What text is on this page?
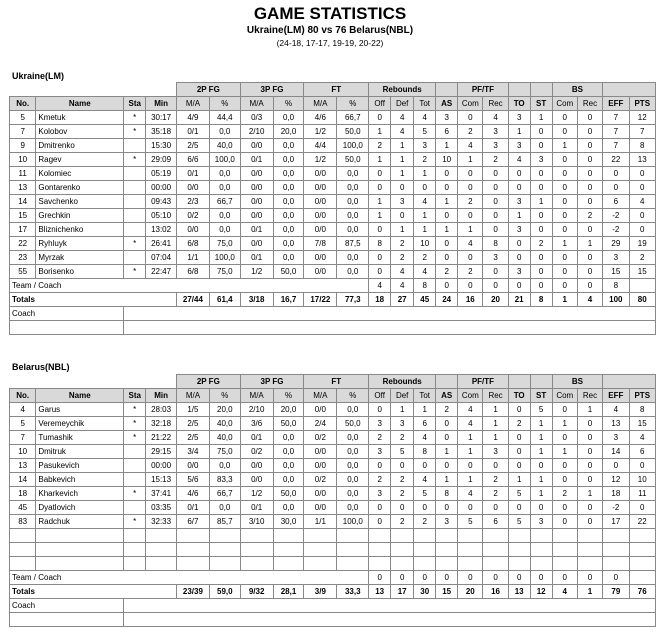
GAME STATISTICS
Ukraine(LM) 80 vs 76 Belarus(NBL)
(24-18, 17-17, 19-19, 20-22)
Ukraine(LM)
				2P FG		3P FG		FT		Rebounds				PF/TF				BS			
No.	Name	Sta	Min	M/A	%	M/A	%	M/A	%	Off	Def	Tot	AS	Com	Rec	TO	ST	Com	Rec	EFF	PTS
5	Kmetuk	*	30:17	4/9	44,4	0/3	0,0	4/6	66,7	0	4	4	3	0	4	3	1	0	0	7	12
7	Kolobov	*	35:18	0/1	0,0	2/10	20,0	1/2	50,0	1	4	5	6	2	3	1	0	0	0	7	7
9	Dmitrenko		15:30	2/5	40,0	0/0	0,0	4/4	100,0	2	1	3	1	4	3	3	0	1	0	7	8
10	Ragev	*	29:09	6/6	100,0	0/1	0,0	1/2	50,0	1	1	2	10	1	2	4	3	0	0	22	13
11	Kolomiec		05:19	0/1	0,0	0/0	0,0	0/0	0,0	0	1	1	0	0	0	0	0	0	0	0	0
13	Gontarenko		00:00	0/0	0,0	0/0	0,0	0/0	0,0	0	0	0	0	0	0	0	0	0	0	0	0
14	Savchenko		09:43	2/3	66,7	0/0	0,0	0/0	0,0	1	3	4	1	2	0	3	1	0	0	6	4
15	Grechkin		05:10	0/2	0,0	0/0	0,0	0/0	0,0	1	0	1	0	0	0	1	0	0	2	-2	0
17	Bliznichenko		13:02	0/0	0,0	0/1	0,0	0/0	0,0	0	1	1	1	1	0	3	0	0	0	-2	0
22	Ryhluyk	*	26:41	6/8	75,0	0/0	0,0	7/8	87,5	8	2	10	0	4	8	0	2	1	1	29	19
23	Myrzak		07:04	1/1	100,0	0/1	0,0	0/0	0,0	0	2	2	0	0	3	0	0	0	0	3	2
55	Borisenko	*	22:47	6/8	75,0	1/2	50,0	0/0	0,0	0	4	4	2	2	0	3	0	0	0	15	15
Team / Coach										4	4	8	0	0	0	0	0	0	0	8	
Totals				27/44	61,4	3/18	16,7	17/22	77,3	18	27	45	24	16	20	21	8	1	4	100	80
Coach																					

Belarus(NBL)
				2P FG		3P FG		FT		Rebounds				PF/TF				BS			
No.	Name	Sta	Min	M/A	%	M/A	%	M/A	%	Off	Def	Tot	AS	Com	Rec	TO	ST	Com	Rec	EFF	PTS
4	Garus	*	28:03	1/5	20,0	2/10	20,0	0/0	0,0	0	1	1	2	4	1	0	5	0	1	4	8
5	Veremeychik	*	32:18	2/5	40,0	3/6	50,0	2/4	50,0	3	3	6	0	4	1	2	1	1	0	13	15
7	Tumashik	*	21:22	2/5	40,0	0/1	0,0	0/2	0,0	2	2	4	0	1	1	0	1	0	0	3	4
10	Dmitruk		29:15	3/4	75,0	0/2	0,0	0/0	0,0	3	5	8	1	1	3	0	1	1	0	14	6
13	Pasukevich		00:00	0/0	0,0	0/0	0,0	0/0	0,0	0	0	0	0	0	0	0	0	0	0	0	0
14	Babkevich		15:13	5/6	83,3	0/0	0,0	0/2	0,0	2	2	4	1	1	2	1	1	0	0	12	10
18	Kharkevich	*	37:41	4/6	66,7	1/2	50,0	0/0	0,0	3	2	5	8	4	2	5	1	2	1	18	11
45	Dyatlovich		03:35	0/1	0,0	0/1	0,0	0/0	0,0	0	0	0	0	0	0	0	0	0	0	-2	0
83	Radchuk	*	32:33	6/7	85,7	3/10	30,0	1/1	100,0	0	2	2	3	5	6	5	3	0	0	17	22

Team / Coach										0	0	0	0	0	0	0	0	0	0	0	
Totals				23/39	59,0	9/32	28,1	3/9	33,3	13	17	30	15	20	16	13	12	4	1	79	76
Coach																					
